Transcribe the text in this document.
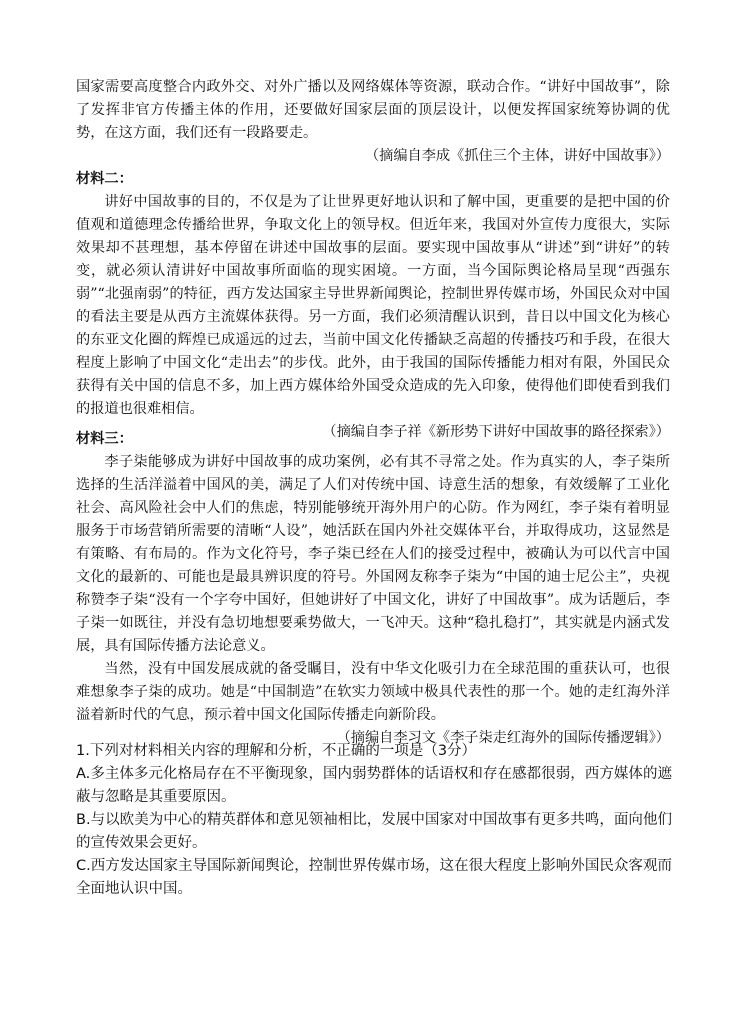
国家需要高度整合内政外交、对外广播以及网络媒体等资源，联动合作。“讲好中国故事”，除了发挥非官方传播主体的作用，还要做好国家层面的顶层设计，以便发挥国家统筹协调的优势，在这方面，我们还有一段路要走。

（摘编自李成《抓住三个主体，讲好中国故事》）

材料二：

讲好中国故事的目的，不仅是为了让世界更好地认识和了解中国，更重要的是把中国的价值观和道德理念传播给世界，争取文化上的领导权。但近年来，我国对外宣传力度很大，实际效果却不甚理想，基本停留在讲述中国故事的层面。要实现中国故事从“讲述”到“讲好”的转变，就必须认清讲好中国故事所面临的现实困境。一方面，当今国际舆论格局呈现“西强东弱”“北强南弱”的特征，西方发达国家主导世界新闻舆论，控制世界传媒市场，外国民众对中国的看法主要是从西方主流媒体获得。另一方面，我们必须清醒认识到，昔日以中国文化为核心的东亚文化圈的辉煌已成遥远的过去，当前中国文化传播缺乏高超的传播技巧和手段，在很大程度上影响了中国文化“走出去”的步伐。此外，由于我国的国际传播能力相对有限，外国民众获得有关中国的信息不多，加上西方媒体给外国受众造成的先入印象，使得他们即使看到我们的报道也很难相信。

（摘编自李子祥《新形势下讲好中国故事的路径探索》）

材料三：

李子柒能够成为讲好中国故事的成功案例，必有其不寻常之处。作为真实的人，李子柒所选择的生活洋溢着中国风的美，满足了人们对传统中国、诗意生活的想象，有效缓解了工业化社会、高风险社会中人们的焦虑，特别能够统开海外用户的心防。作为网红，李子柒有着明显服务于市场营销所需要的清晰“人设”，她活跃在国内外社交媒体平台，并取得成功，这显然是有策略、有布局的。作为文化符号，李子柒已经在人们的接受过程中，被确认为可以代言中国文化的最新的、可能也是最具辨识度的符号。外国网友称李子柒为“中国的迪士尼公主”，央视称赞李子柒“没有一个字夸中国好，但她讲好了中国文化，讲好了中国故事”。成为话题后，李子柒一如既往，并没有急切地想要乘势做大，一飞冲天。这种“稳扎稳打”，其实就是内涵式发展，具有国际传播方法论意义。

当然，没有中国发展成就的备受瞩目，没有中华文化吸引力在全球范围的重获认可，也很难想象李子柒的成功。她是“中国制造”在软实力领域中极具代表性的那一个。她的走红海外洋溢着新时代的气息，预示着中国文化国际传播走向新阶段。

（摘编自李习文《李子柒走红海外的国际传播逻辑》）

1.下列对材料相关内容的理解和分析，不正确的一项是（3分）

A.多主体多元化格局存在不平衡现象，国内弱势群体的话语权和存在感都很弱，西方媒体的遮蔽与忽略是其重要原因。

B.与以欧美为中心的精英群体和意见领袖相比，发展中国家对中国故事有更多共鸣，面向他们的宣传效果会更好。

C.西方发达国家主导国际新闻舆论，控制世界传媒市场，这在很大程度上影响外国民众客观而全面地认识中国。
